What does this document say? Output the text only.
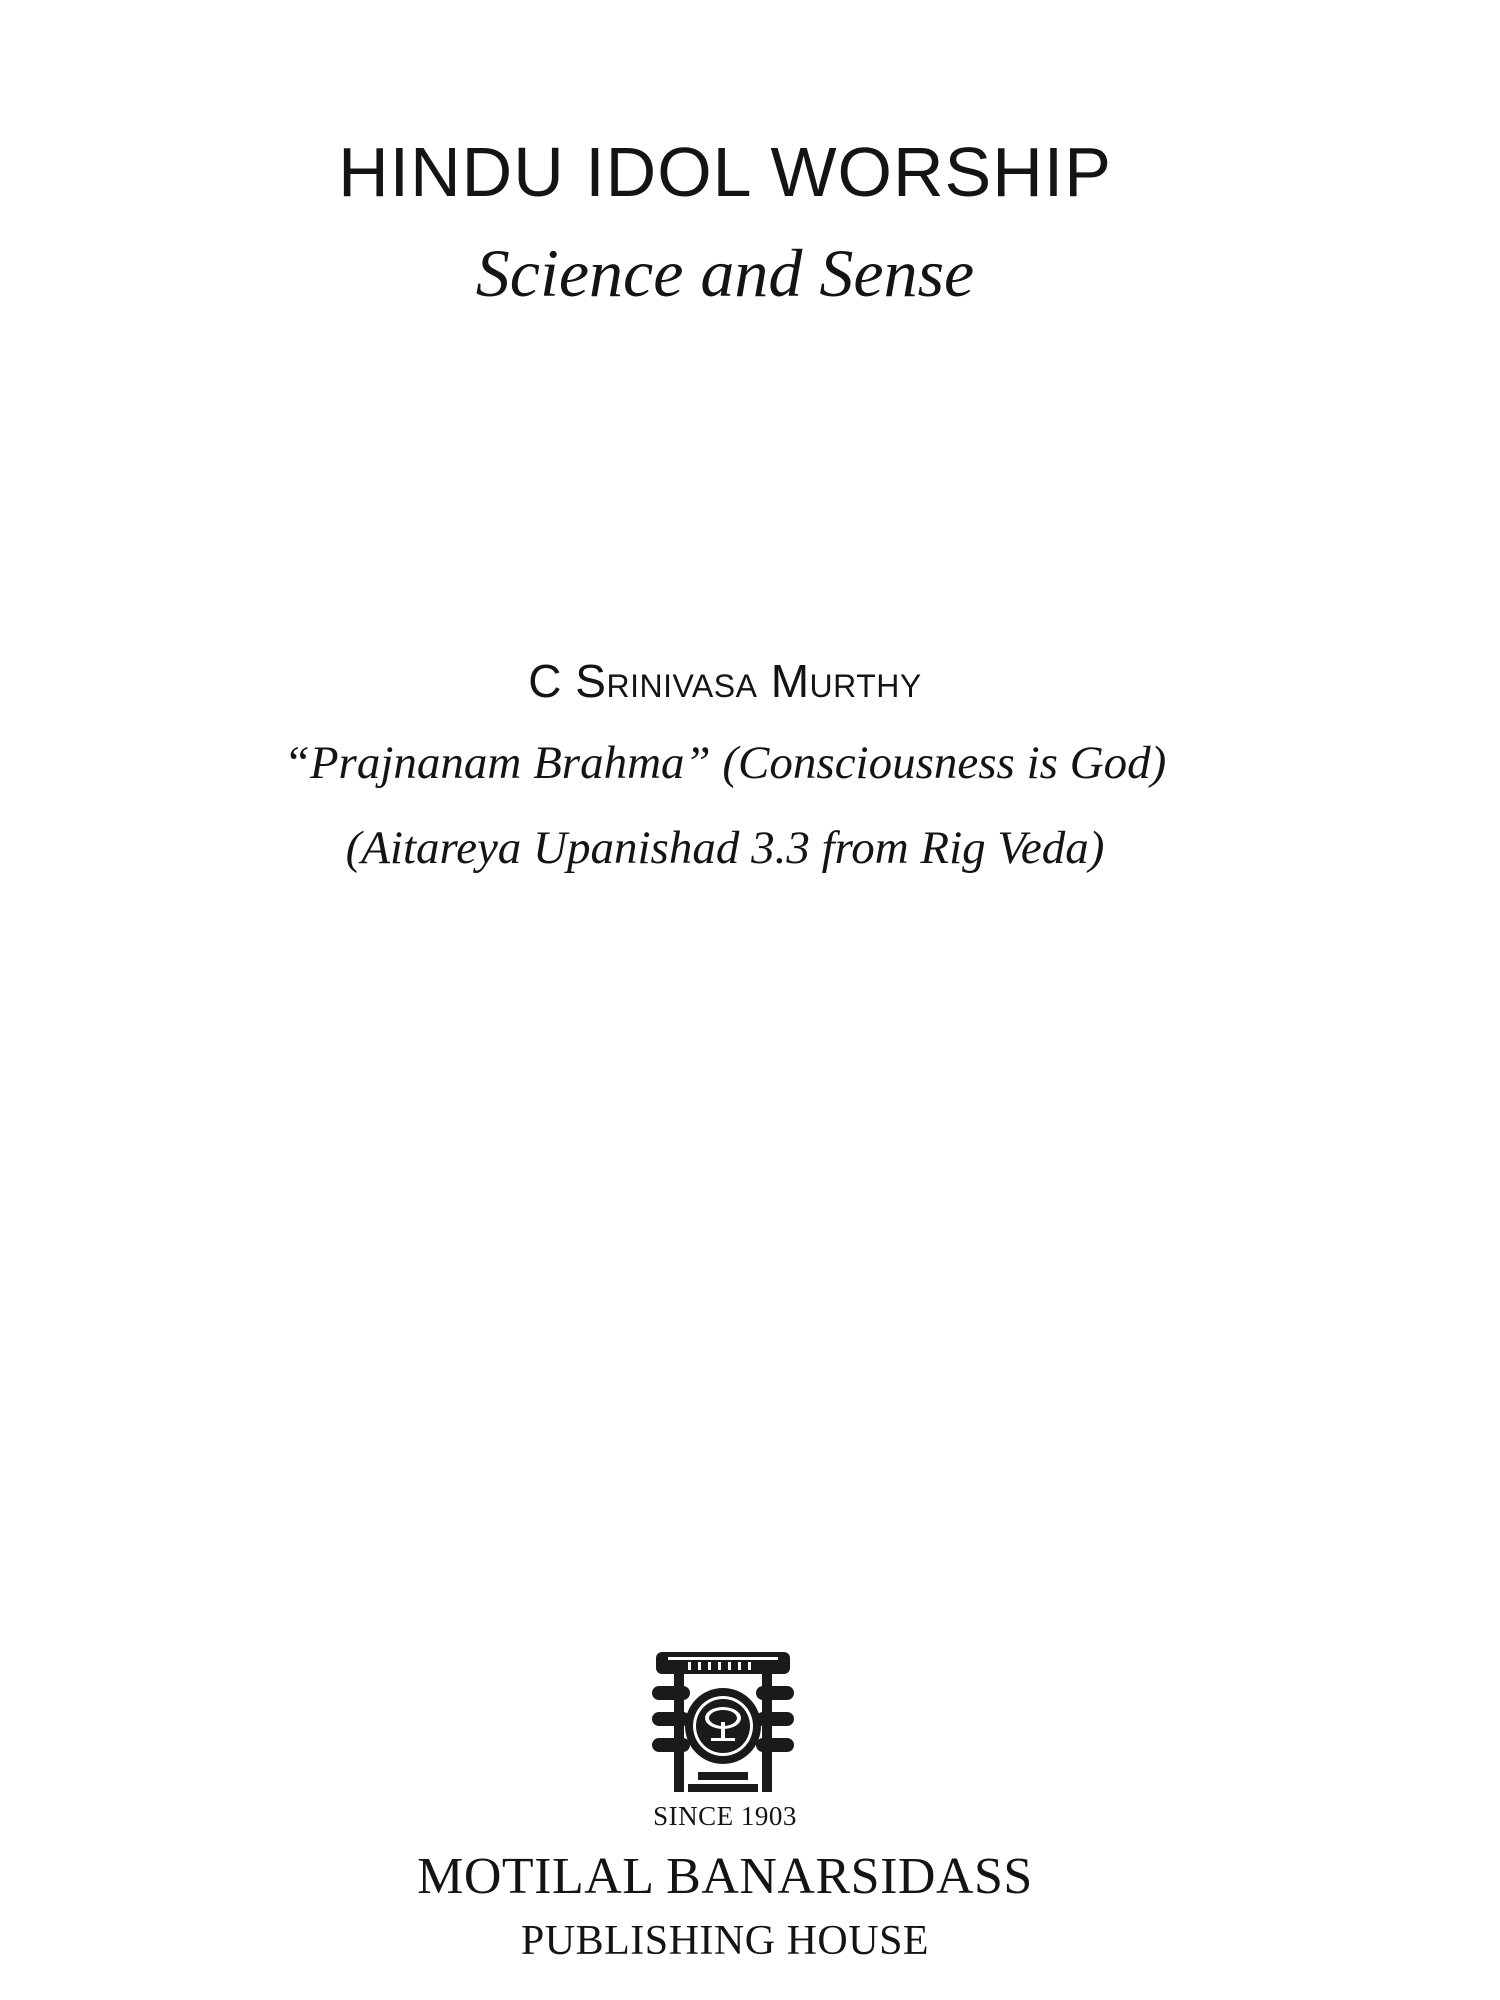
HINDU IDOL WORSHIP
Science and Sense
C Srinivasa Murthy
“Prajnanam Brahma” (Consciousness is God)
(Aitareya Upanishad 3.3 from Rig Veda)
SINCE 1903
MOTILAL BANARSIDASS
PUBLISHING HOUSE
